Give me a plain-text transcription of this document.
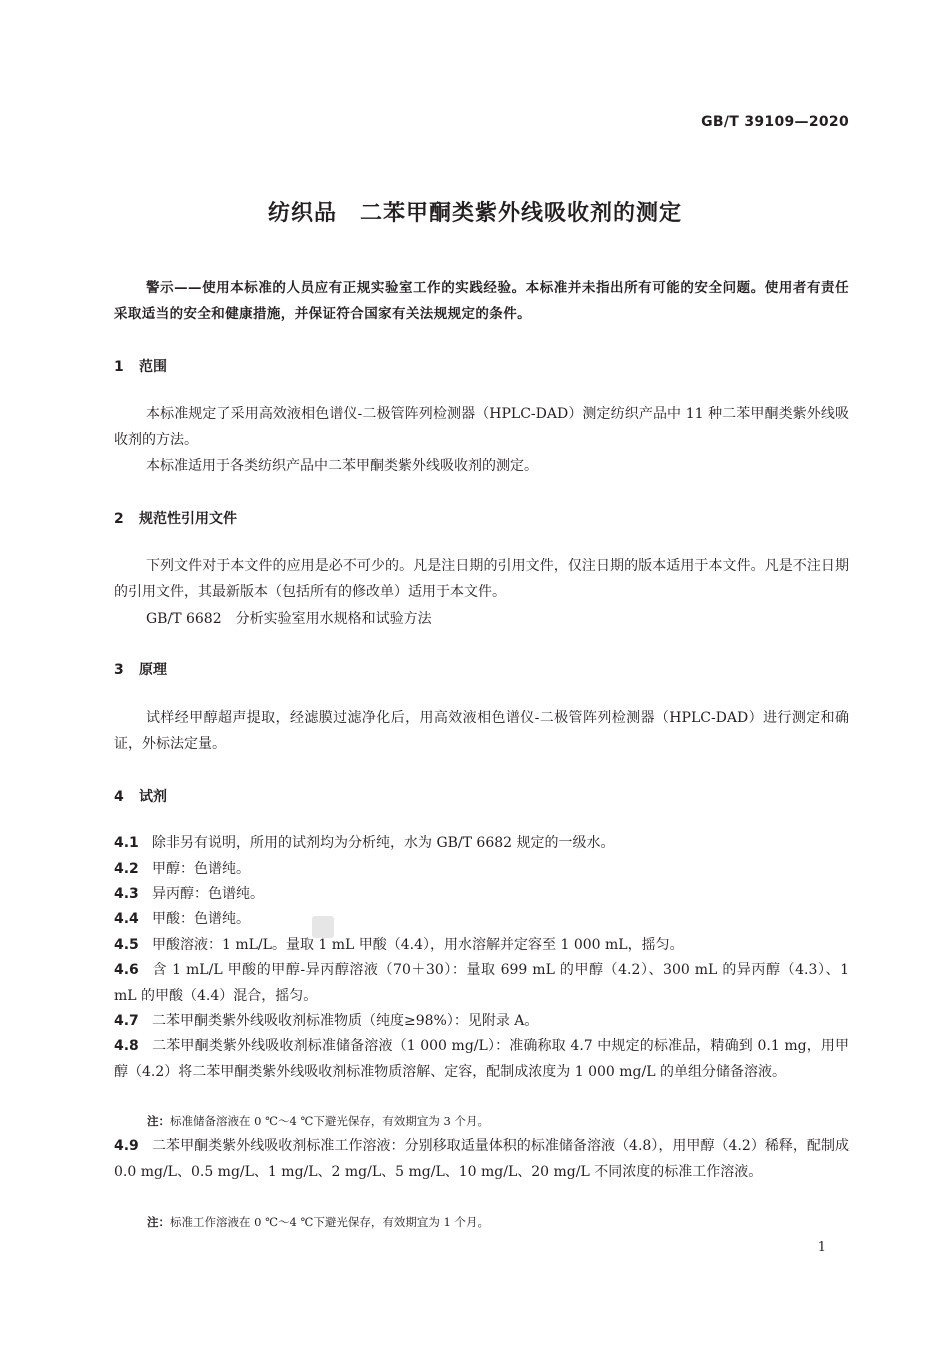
GB/T 39109—2020
纺织品　二苯甲酮类紫外线吸收剂的测定
警示——使用本标准的人员应有正规实验室工作的实践经验。本标准并未指出所有可能的安全问题。使用者有责任采取适当的安全和健康措施，并保证符合国家有关法规规定的条件。
1 范围
本标准规定了采用高效液相色谱仪-二极管阵列检测器（HPLC-DAD）测定纺织产品中 11 种二苯甲酮类紫外线吸收剂的方法。
本标准适用于各类纺织产品中二苯甲酮类紫外线吸收剂的测定。
2 规范性引用文件
下列文件对于本文件的应用是必不可少的。凡是注日期的引用文件，仅注日期的版本适用于本文件。凡是不注日期的引用文件，其最新版本（包括所有的修改单）适用于本文件。
GB/T 6682　分析实验室用水规格和试验方法
3 原理
试样经甲醇超声提取，经滤膜过滤净化后，用高效液相色谱仪-二极管阵列检测器（HPLC-DAD）进行测定和确证，外标法定量。
4 试剂
4.1 除非另有说明，所用的试剂均为分析纯，水为 GB/T 6682 规定的一级水。
4.2 甲醇：色谱纯。
4.3 异丙醇：色谱纯。
4.4 甲酸：色谱纯。
4.5 甲酸溶液：1 mL/L。量取 1 mL 甲酸（4.4），用水溶解并定容至 1 000 mL，摇匀。
4.6 含 1 mL/L 甲酸的甲醇-异丙醇溶液（70＋30）：量取 699 mL 的甲醇（4.2）、300 mL 的异丙醇（4.3）、1 mL 的甲酸（4.4）混合，摇匀。
4.7 二苯甲酮类紫外线吸收剂标准物质（纯度≥98%）：见附录 A。
4.8 二苯甲酮类紫外线吸收剂标准储备溶液（1 000 mg/L）：准确称取 4.7 中规定的标准品，精确到 0.1 mg，用甲醇（4.2）将二苯甲酮类紫外线吸收剂标准物质溶解、定容，配制成浓度为 1 000 mg/L 的单组分储备溶液。
注：标准储备溶液在 0 ℃～4 ℃下避光保存，有效期宜为 3 个月。
4.9 二苯甲酮类紫外线吸收剂标准工作溶液：分别移取适量体积的标准储备溶液（4.8），用甲醇（4.2）稀释，配制成 0.0 mg/L、0.5 mg/L、1 mg/L、2 mg/L、5 mg/L、10 mg/L、20 mg/L 不同浓度的标准工作溶液。
注：标准工作溶液在 0 ℃～4 ℃下避光保存，有效期宜为 1 个月。
1
